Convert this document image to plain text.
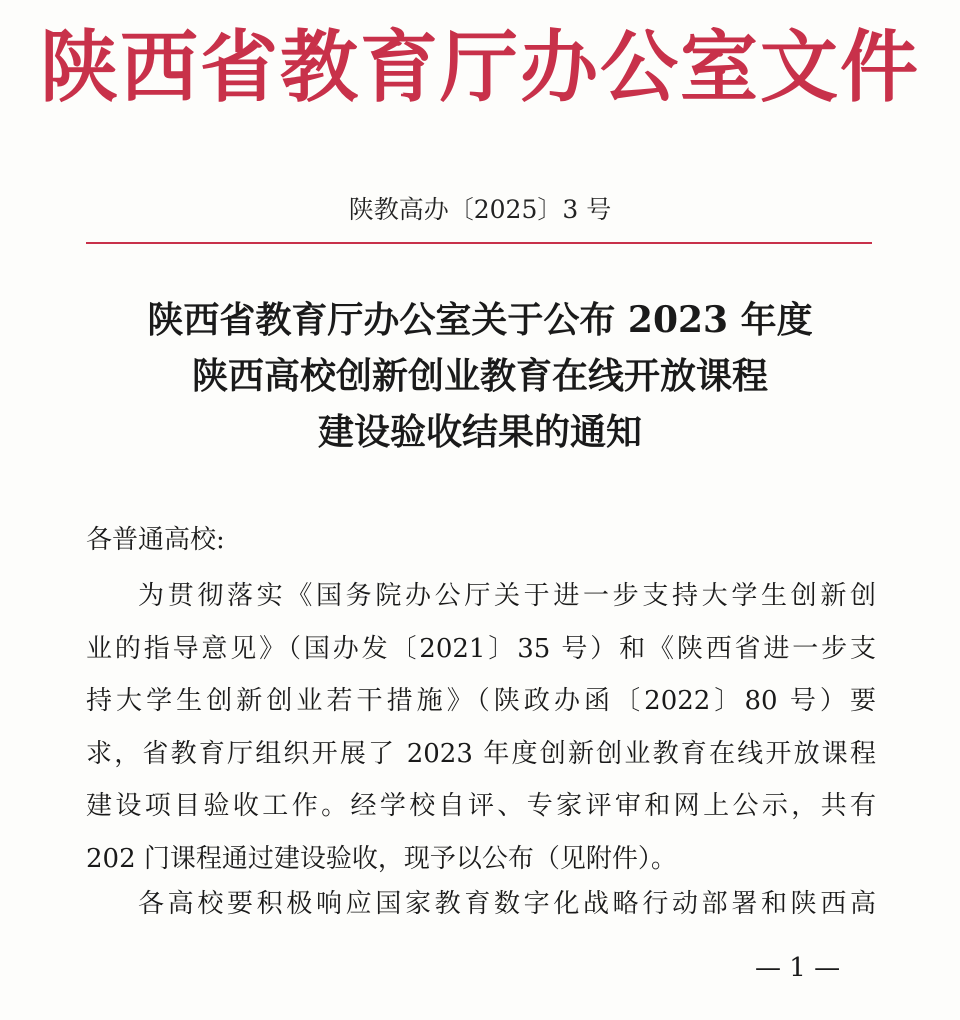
陕西省教育厅办公室文件
陕教高办〔2025〕3 号
陕西省教育厅办公室关于公布 2023 年度
陕西高校创新创业教育在线开放课程
建设验收结果的通知
各普通高校:
为贯彻落实《国务院办公厅关于进一步支持大学生创新创
业的指导意见》（国办发〔2021〕35 号）和《陕西省进一步支
持大学生创新创业若干措施》（陕政办函〔2022〕80 号）要
求，省教育厅组织开展了 2023 年度创新创业教育在线开放课程
建设项目验收工作。经学校自评、专家评审和网上公示，共有
202 门课程通过建设验收，现予以公布（见附件）。
各高校要积极响应国家教育数字化战略行动部署和陕西高
— 1 —
